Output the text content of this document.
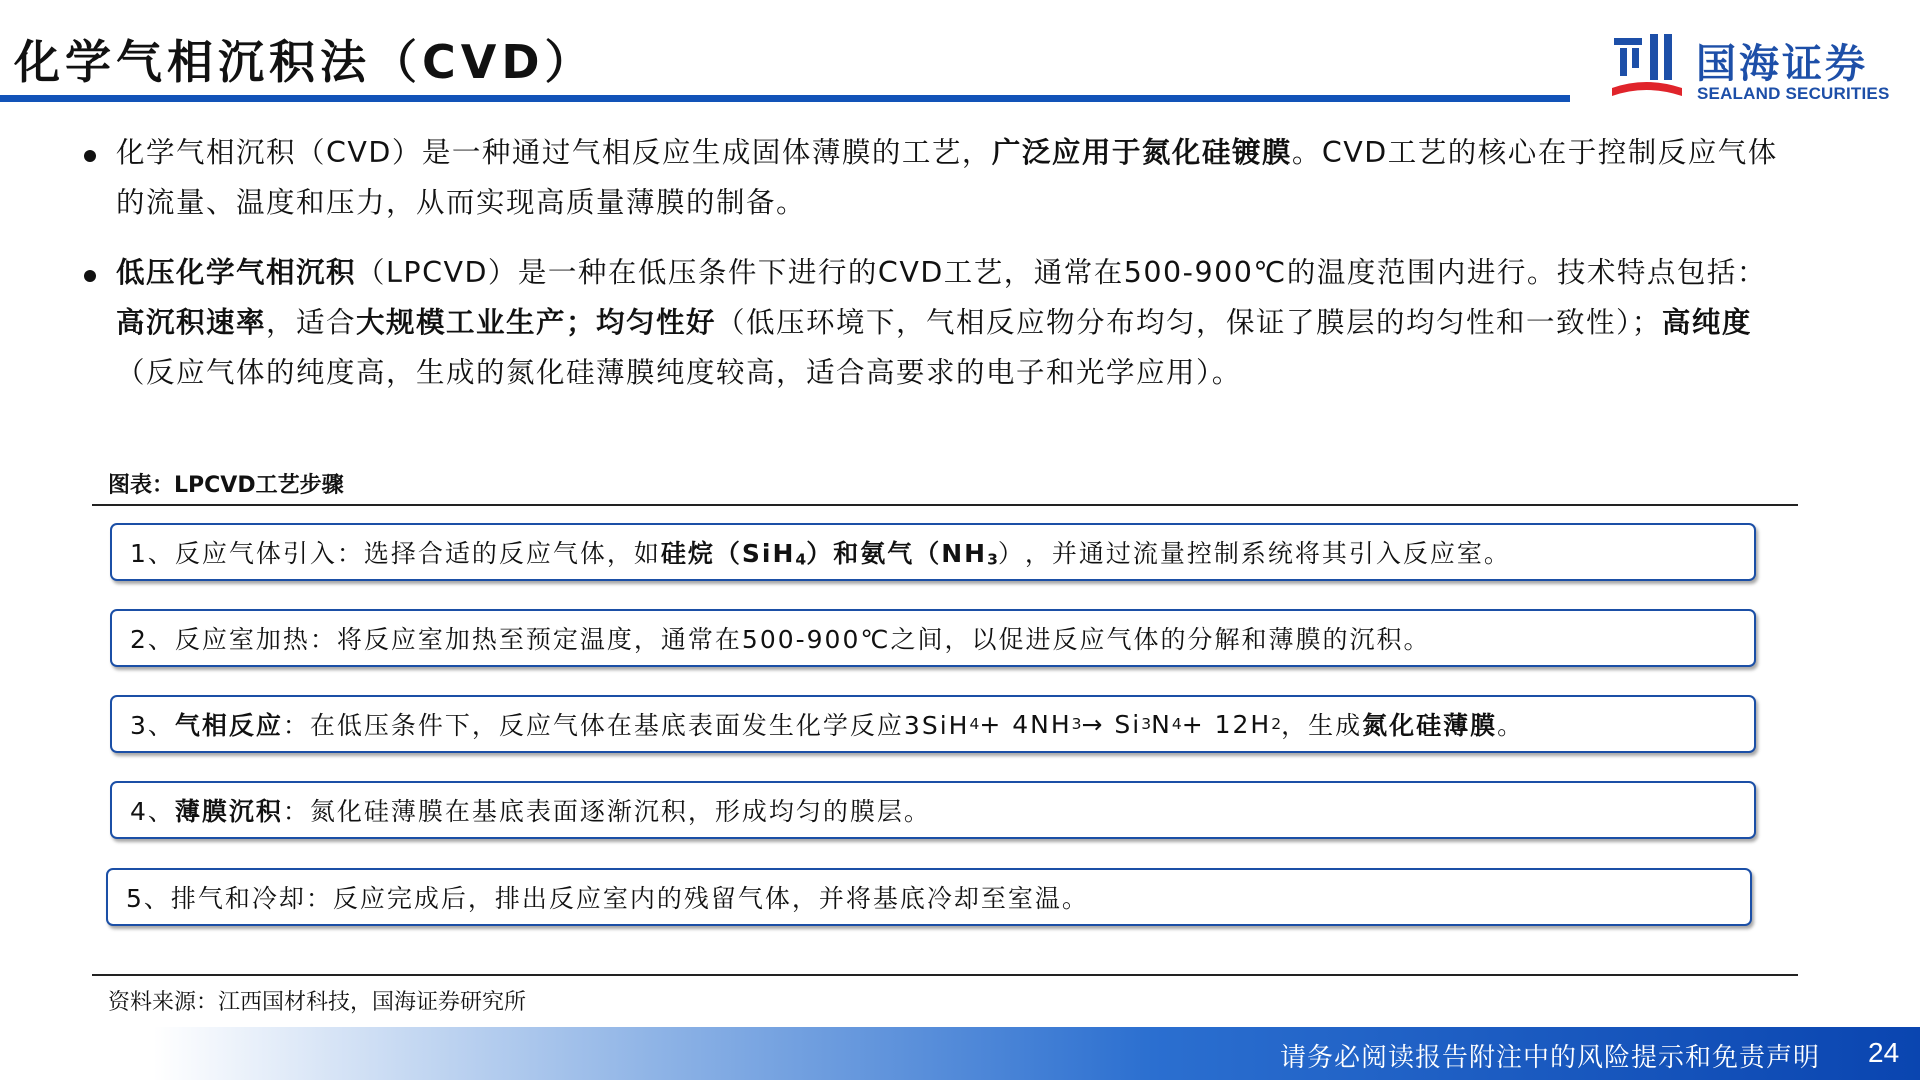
化学气相沉积法（CVD）	国海证券
SEALAND SECURITIES
化学气相沉积（CVD）是一种通过气相反应生成固体薄膜的工艺，广泛应用于氮化硅镀膜。CVD工艺的核心在于控制反应气体的流量、温度和压力，从而实现高质量薄膜的制备。
低压化学气相沉积（LPCVD）是一种在低压条件下进行的CVD工艺，通常在500-900℃的温度范围内进行。技术特点包括：高沉积速率，适合大规模工业生产；均匀性好（低压环境下，气相反应物分布均匀，保证了膜层的均匀性和一致性）；高纯度（反应气体的纯度高，生成的氮化硅薄膜纯度较高，适合高要求的电子和光学应用）。
图表：LPCVD工艺步骤
1、反应气体引入：选择合适的反应气体，如 硅烷（SiH4）和氨气（NH3 ） ，并通过流量控制系统将其引入反应室。
2、反应室加热：将反应室加热至预定温度，通常在500-900℃之间，以促进反应气体的分解和薄膜的沉积。
3、 气相反应 ：在低压条件下，反应气体在基底表面发生化学反应3SiH 4 + 4NH 3 → Si 3 N 4 + 12H 2 ，生成 氮化硅薄膜 。
4、 薄膜沉积 ：氮化硅薄膜在基底表面逐渐沉积，形成均匀的膜层。
5、排气和冷却：反应完成后，排出反应室内的残留气体，并将基底冷却至室温。
资料来源：江西国材科技，国海证券研究所
请务必阅读报告附注中的风险提示和免责声明 24
